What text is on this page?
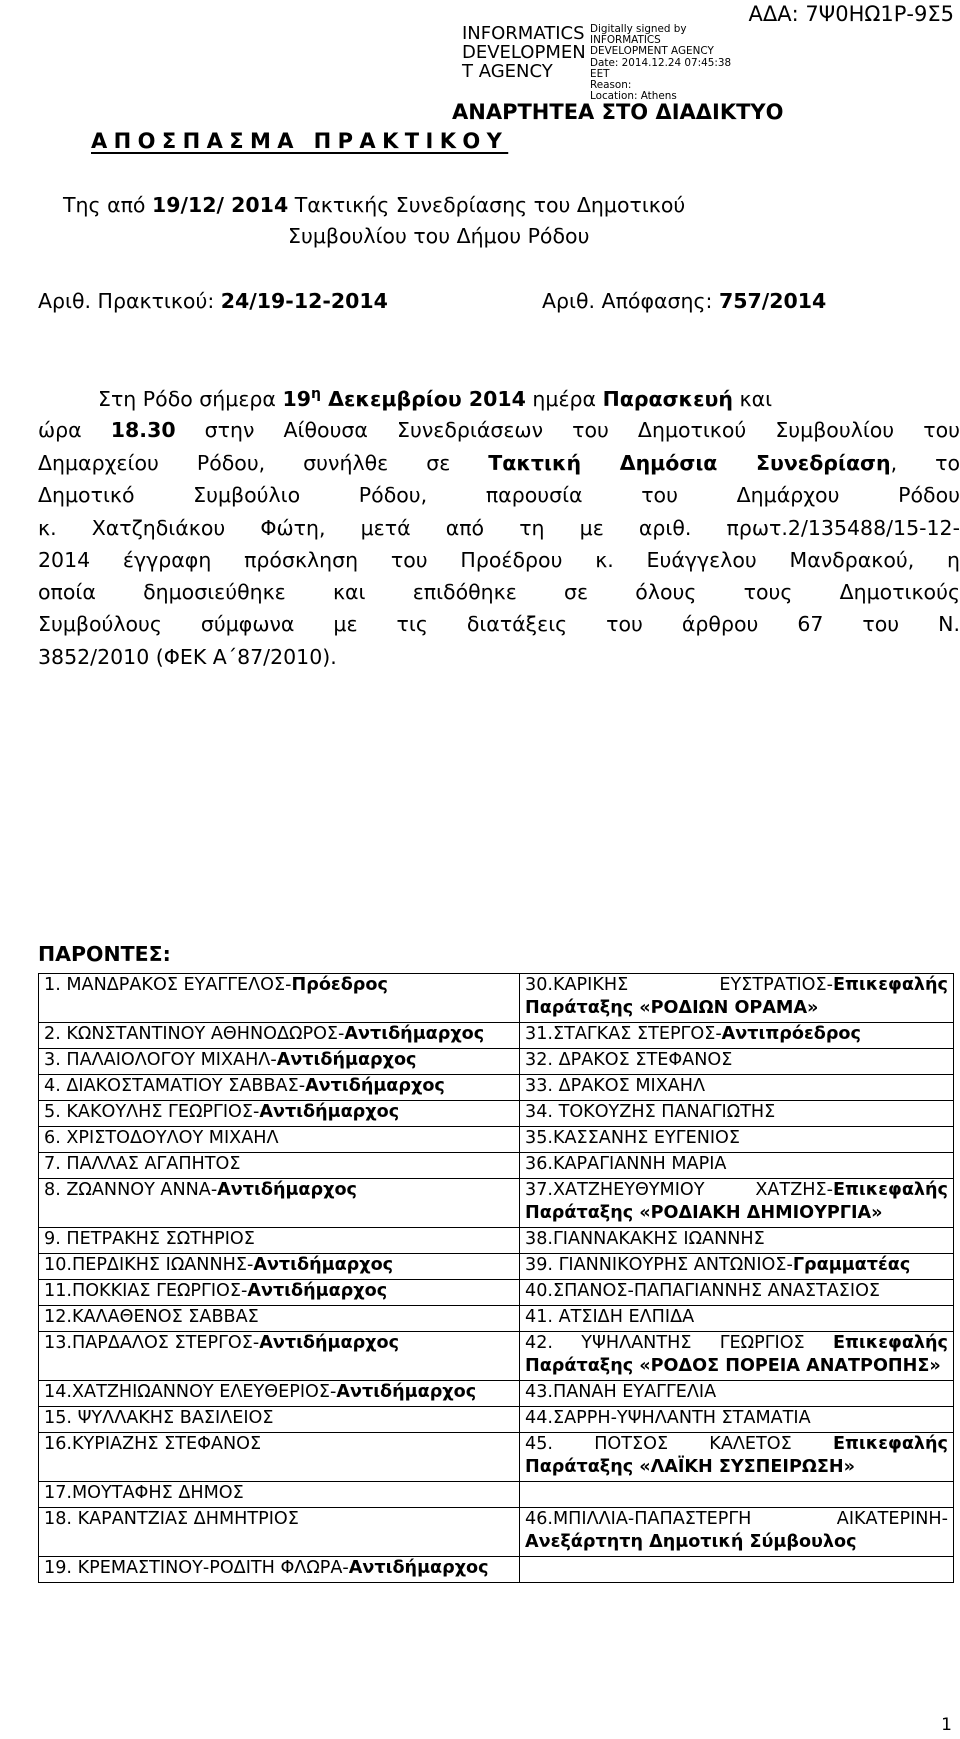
ΑΔΑ: 7Ψ0ΗΩ1Ρ-9Σ5
INFORMATICS
DEVELOPMEN
T AGENCY
Digitally signed by
INFORMATICS
DEVELOPMENT AGENCY
Date: 2014.12.24 07:45:38
EET
Reason:
Location: Athens
ΑΝΑΡΤΗΤΕΑ ΣΤΟ ΔΙΑΔΙΚΤΥΟ
ΑΠΟΣΠΑΣΜΑ ΠΡΑΚΤΙΚΟΥ
Της από 19/12/ 2014 Τακτικής Συνεδρίασης του Δημοτικού
Συμβουλίου του Δήμου Ρόδου
Αριθ. Πρακτικού: 24/19-12-2014	Αριθ. Απόφασης: 757/2014
Στη Ρόδο σήμερα $19^\eta$ Δεκεμβρίου 2014 ημέρα Παρασκευή και
ώρα 18.30 στην Αίθουσα Συνεδριάσεων του Δημοτικού Συμβουλίου του
Δημαρχείου Ρόδου, συνήλθε σε Τακτική Δημόσια Συνεδρίαση, το
Δημοτικό Συμβούλιο Ρόδου, παρουσία του Δημάρχου Ρόδου
κ. Χατζηδιάκου Φώτη, μετά από τη με αριθ. πρωτ.2/135488/15-12-
2014 έγγραφη πρόσκληση του Προέδρου κ. Ευάγγελου Μανδρακού, η
οποία δημοσιεύθηκε και επιδόθηκε σε όλους τους Δημοτικούς
Συμβούλους σύμφωνα με τις διατάξεις του άρθρου 67 του Ν.
3852/2010 (ΦΕΚ Α΄87/2010).
ΠΑΡΟΝΤΕΣ:
1. ΜΑΝΔΡΑΚΟΣ ΕΥΑΓΓΕΛΟΣ-Πρόεδρος	30.ΚΑΡΙΚΗΣ ΕΥΣΤΡΑΤΙΟΣ-Επικεφαλής Παράταξης «ΡΟΔΙΩΝ ΟΡΑΜΑ»
2. ΚΩΝΣΤΑΝΤΙΝΟΥ ΑΘΗΝΟΔΩΡΟΣ-Αντιδήμαρχος	31.ΣΤΑΓΚΑΣ ΣΤΕΡΓΟΣ-Αντιπρόεδρος
3. ΠΑΛΑΙΟΛΟΓΟΥ ΜΙΧΑΗΛ-Αντιδήμαρχος	32. ΔΡΑΚΟΣ ΣΤΕΦΑΝΟΣ
4. ΔΙΑΚΟΣΤΑΜΑΤΙΟΥ ΣΑΒΒΑΣ-Αντιδήμαρχος	33. ΔΡΑΚΟΣ ΜΙΧΑΗΛ
5. ΚΑΚΟΥΛΗΣ ΓΕΩΡΓΙΟΣ-Αντιδήμαρχος	34. ΤΟΚΟΥΖΗΣ ΠΑΝΑΓΙΩΤΗΣ
6. ΧΡΙΣΤΟΔΟΥΛΟΥ ΜΙΧΑΗΛ	35.ΚΑΣΣΑΝΗΣ ΕΥΓΕΝΙΟΣ
7. ΠΑΛΛΑΣ ΑΓΑΠΗΤΟΣ	36.ΚΑΡΑΓΙΑΝΝΗ ΜΑΡΙΑ
8. ΖΩΑΝΝΟΥ ΑΝΝΑ-Αντιδήμαρχος	37.ΧΑΤΖΗΕΥΘΥΜΙΟΥ ΧΑΤΖΗΣ-Επικεφαλής Παράταξης «ΡΟΔΙΑΚΗ ΔΗΜΙΟΥΡΓΙΑ»
9. ΠΕΤΡΑΚΗΣ ΣΩΤΗΡΙΟΣ	38.ΓΙΑΝΝΑΚΑΚΗΣ ΙΩΑΝΝΗΣ
10.ΠΕΡΔΙΚΗΣ ΙΩΑΝΝΗΣ-Αντιδήμαρχος	39. ΓΙΑΝΝΙΚΟΥΡΗΣ ΑΝΤΩΝΙΟΣ-Γραμματέας
11.ΠΟΚΚΙΑΣ ΓΕΩΡΓΙΟΣ-Αντιδήμαρχος	40.ΣΠΑΝΟΣ-ΠΑΠΑΓΙΑΝΝΗΣ ΑΝΑΣΤΑΣΙΟΣ
12.ΚΑΛΑΘΕΝΟΣ ΣΑΒΒΑΣ	41. ΑΤΣΙΔΗ ΕΛΠΙΔΑ
13.ΠΑΡΔΑΛΟΣ ΣΤΕΡΓΟΣ-Αντιδήμαρχος	42. ΥΨΗΛΑΝΤΗΣ ΓΕΩΡΓΙΟΣ Επικεφαλής Παράταξης «ΡΟΔΟΣ ΠΟΡΕΙΑ ΑΝΑΤΡΟΠΗΣ»
14.ΧΑΤΖΗΙΩΑΝΝΟΥ ΕΛΕΥΘΕΡΙΟΣ-Αντιδήμαρχος	43.ΠΑΝΑΗ ΕΥΑΓΓΕΛΙΑ
15. ΨΥΛΛΑΚΗΣ ΒΑΣΙΛΕΙΟΣ	44.ΣΑΡΡΗ-ΥΨΗΛΑΝΤΗ ΣΤΑΜΑΤΙΑ
16.ΚΥΡΙΑΖΗΣ ΣΤΕΦΑΝΟΣ	45. ΠΟΤΣΟΣ ΚΑΛΕΤΟΣ Επικεφαλής Παράταξης «ΛΑΪΚΗ ΣΥΣΠΕΙΡΩΣΗ»
17.ΜΟΥΤΑΦΗΣ ΔΗΜΟΣ	
18. ΚΑΡΑΝΤΖΙΑΣ ΔΗΜΗΤΡΙΟΣ	46.ΜΠΙΛΛΙΑ-ΠΑΠΑΣΤΕΡΓΗ ΑΙΚΑΤΕΡΙΝΗ-Ανεξάρτητη Δημοτική Σύμβουλος
19. ΚΡΕΜΑΣΤΙΝΟΥ-ΡΟΔΙΤΗ ΦΛΩΡΑ-Αντιδήμαρχος	
1
